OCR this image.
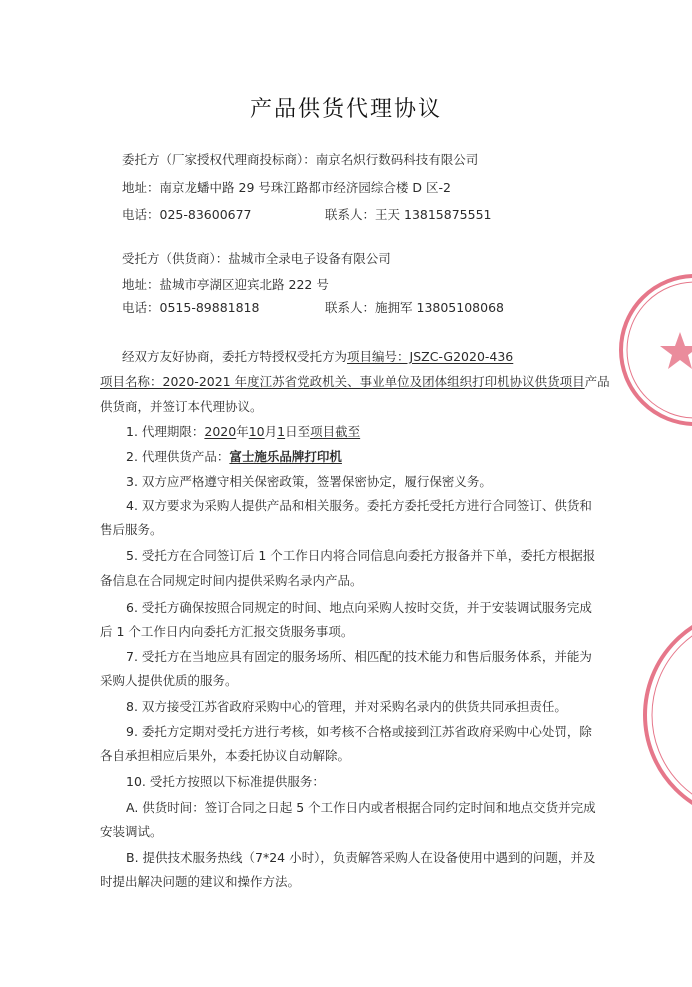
产品供货代理协议
委托方（厂家授权代理商投标商）：南京名炽行数码科技有限公司
地址：南京龙蟠中路 29 号珠江路都市经济园综合楼 D 区-2
电话：025-83600677	联系人：王天 13815875551
受托方（供货商）：盐城市全录电子设备有限公司
地址：盐城市亭湖区迎宾北路 222 号
电话：0515-89881818	联系人：施拥军 13805108068
经双方友好协商，委托方特授权受托方为项目编号：JSZC-G2020-436
项目名称：2020-2021 年度江苏省党政机关、事业单位及团体组织打印机协议供货项目产品
供货商，并签订本代理协议。
1. 代理期限：2020年10月1日至项目截至
2. 代理供货产品：富士施乐品牌打印机
3. 双方应严格遵守相关保密政策，签署保密协定，履行保密义务。
4. 双方要求为采购人提供产品和相关服务。委托方委托受托方进行合同签订、供货和
售后服务。
5. 受托方在合同签订后 1 个工作日内将合同信息向委托方报备并下单，委托方根据报
备信息在合同规定时间内提供采购名录内产品。
6. 受托方确保按照合同规定的时间、地点向采购人按时交货，并于安装调试服务完成
后 1 个工作日内向委托方汇报交货服务事项。
7. 受托方在当地应具有固定的服务场所、相匹配的技术能力和售后服务体系，并能为
采购人提供优质的服务。
8. 双方接受江苏省政府采购中心的管理，并对采购名录内的供货共同承担责任。
9. 委托方定期对受托方进行考核，如考核不合格或接到江苏省政府采购中心处罚，除
各自承担相应后果外，本委托协议自动解除。
10. 受托方按照以下标准提供服务：
A. 供货时间：签订合同之日起 5 个工作日内或者根据合同约定时间和地点交货并完成
安装调试。
B. 提供技术服务热线（7*24 小时），负责解答采购人在设备使用中遇到的问题，并及
时提出解决问题的建议和操作方法。
